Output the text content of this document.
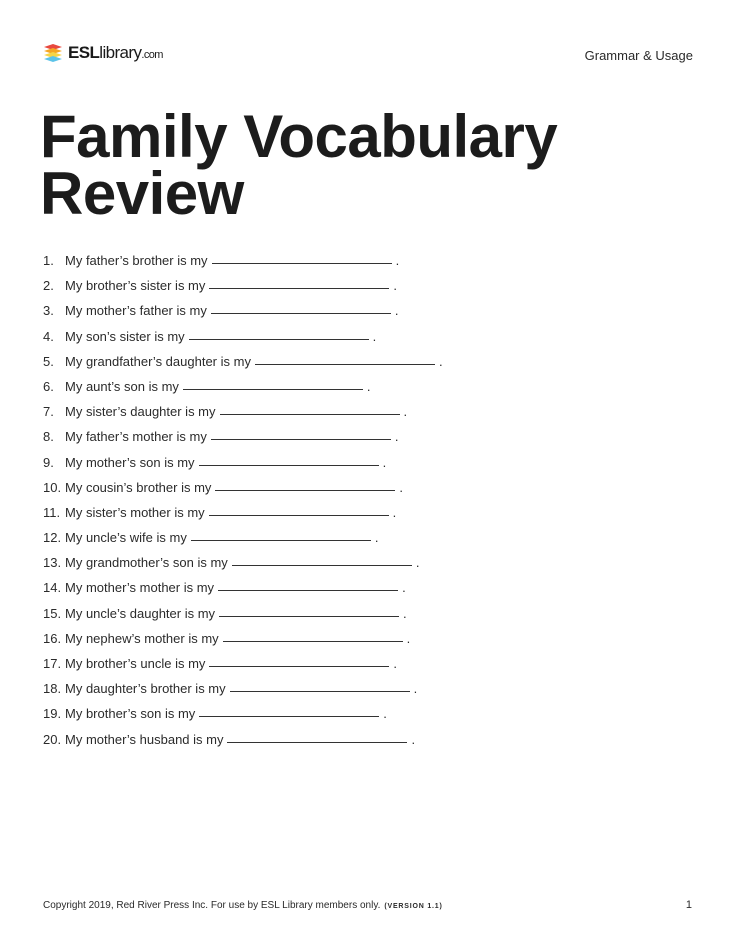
ESLlibrary.com	Grammar & Usage
Family Vocabulary
Review
1. My father’s brother is my	.
2. My brother’s sister is my	.
3. My mother’s father is my	.
4. My son’s sister is my	.
5. My grandfather’s daughter is my	.
6. My aunt’s son is my	.
7. My sister’s daughter is my	.
8. My father’s mother is my	.
9. My mother’s son is my	.
10. My cousin’s brother is my	.
11. My sister’s mother is my	.
12. My uncle’s wife is my	.
13. My grandmother’s son is my	.
14. My mother’s mother is my	.
15. My uncle’s daughter is my	.
16. My nephew’s mother is my	.
17. My brother’s uncle is my	.
18. My daughter’s brother is my	.
19. My brother’s son is my	.
20. My mother’s husband is my	.
Copyright 2019, Red River Press Inc. For use by ESL Library members only. (VERSION 1.1)	1
